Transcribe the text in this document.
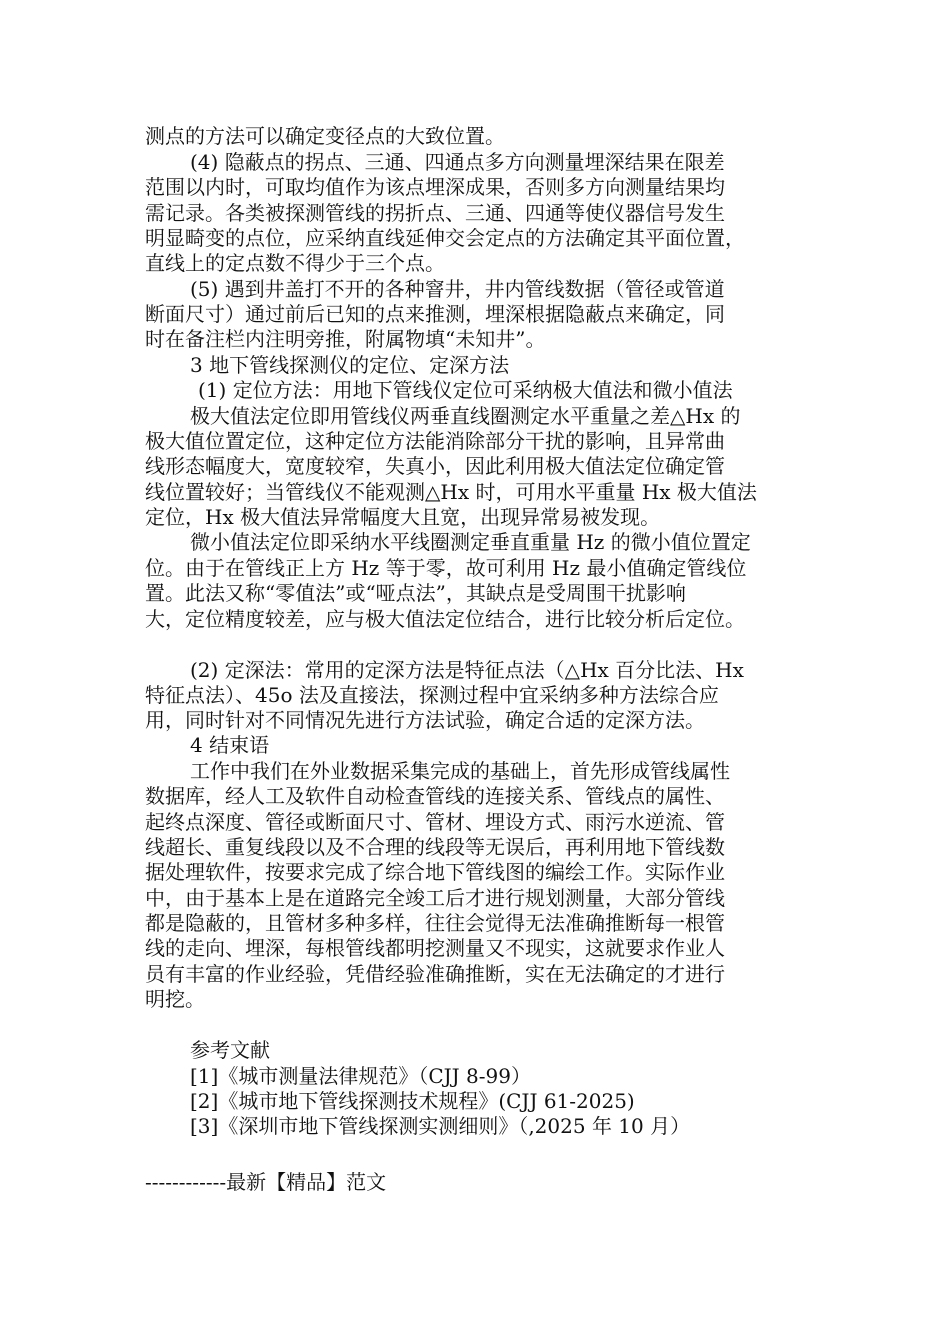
测点的方法可以确定变径点的大致位置。

(4) 隐蔽点的拐点、三通、四通点多方向测量埋深结果在限差

范围以内时，可取均值作为该点埋深成果，否则多方向测量结果均

需记录。各类被探测管线的拐折点、三通、四通等使仪器信号发生

明显畸变的点位，应采纳直线延伸交会定点的方法确定其平面位置，

直线上的定点数不得少于三个点。

(5) 遇到井盖打不开的各种窨井，井内管线数据（管径或管道

断面尺寸）通过前后已知的点来推测，埋深根据隐蔽点来确定，同

时在备注栏内注明旁推，附属物填“未知井”。

3 地下管线探测仪的定位、定深方法

(1) 定位方法：用地下管线仪定位可采纳极大值法和微小值法

极大值法定位即用管线仪两垂直线圈测定水平重量之差△Hx 的

极大值位置定位，这种定位方法能消除部分干扰的影响，且异常曲

线形态幅度大，宽度较窄，失真小，因此利用极大值法定位确定管

线位置较好；当管线仪不能观测△Hx 时，可用水平重量 Hx 极大值法

定位，Hx 极大值法异常幅度大且宽，出现异常易被发现。

微小值法定位即采纳水平线圈测定垂直重量 Hz 的微小值位置定

位。由于在管线正上方 Hz 等于零，故可利用 Hz 最小值确定管线位

置。此法又称“零值法”或“哑点法”，其缺点是受周围干扰影响

大，定位精度较差，应与极大值法定位结合，进行比较分析后定位。

(2) 定深法：常用的定深方法是特征点法（△Hx 百分比法、Hx

特征点法）、45o 法及直接法，探测过程中宜采纳多种方法综合应

用，同时针对不同情况先进行方法试验，确定合适的定深方法。

4 结束语

工作中我们在外业数据采集完成的基础上，首先形成管线属性

数据库，经人工及软件自动检查管线的连接关系、管线点的属性、

起终点深度、管径或断面尺寸、管材、埋设方式、雨污水逆流、管

线超长、重复线段以及不合理的线段等无误后，再利用地下管线数

据处理软件，按要求完成了综合地下管线图的编绘工作。实际作业

中，由于基本上是在道路完全竣工后才进行规划测量，大部分管线

都是隐蔽的，且管材多种多样，往往会觉得无法准确推断每一根管

线的走向、埋深，每根管线都明挖测量又不现实，这就要求作业人

员有丰富的作业经验，凭借经验准确推断，实在无法确定的才进行

明挖。

参考文献

[1]《城市测量法律规范》（CJJ 8-99）

[2]《城市地下管线探测技术规程》(CJJ 61-2025)

[3]《深圳市地下管线探测实测细则》（,2025 年 10 月）

------------最新【精品】范文
